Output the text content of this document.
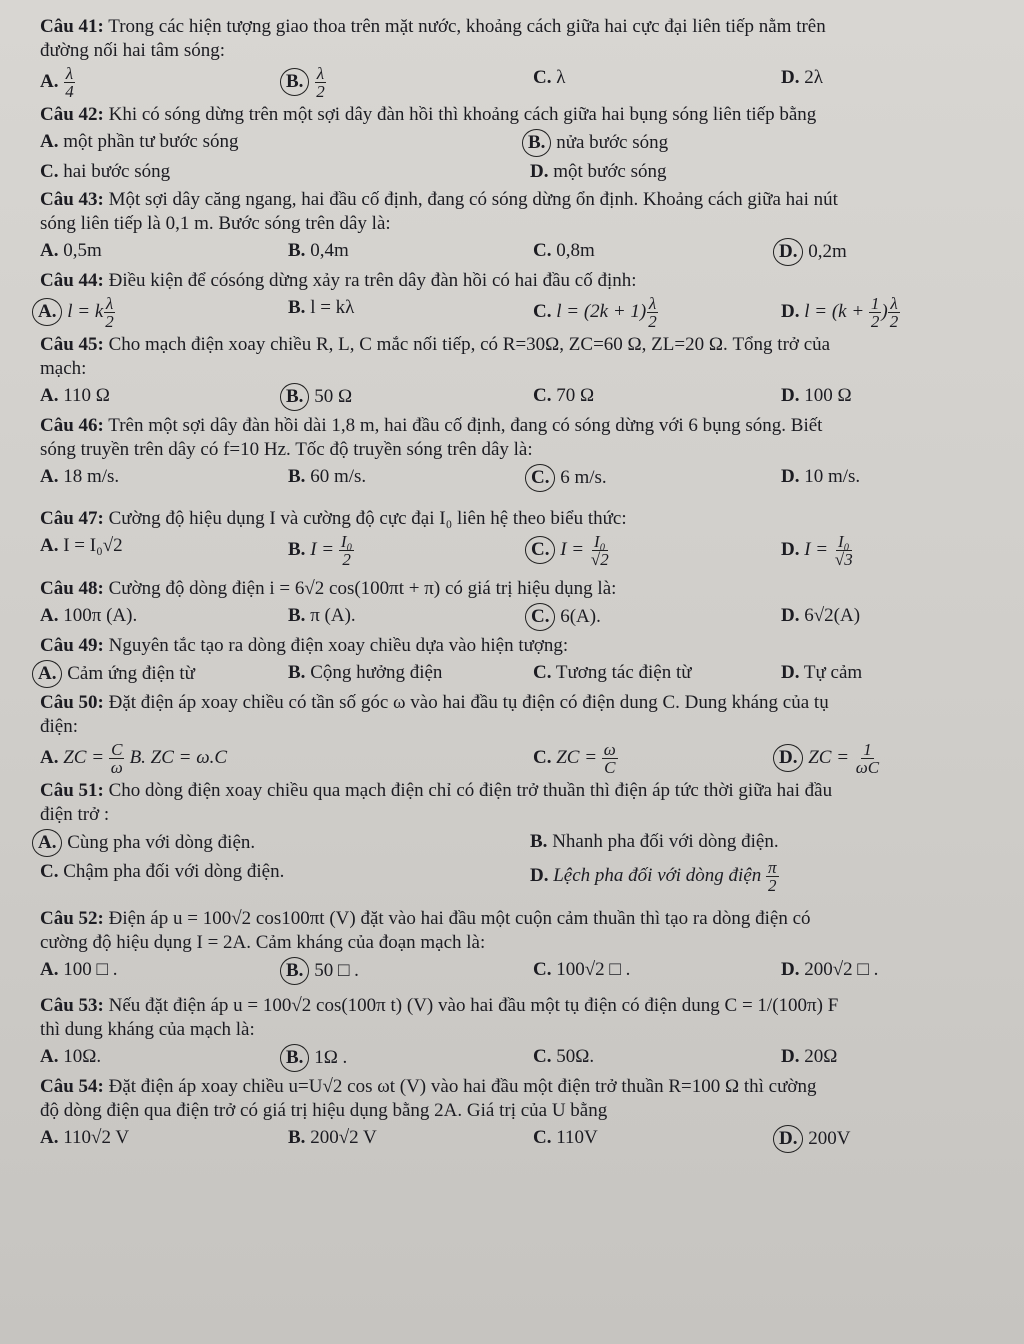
Câu 41: Trong các hiện tượng giao thoa trên mặt nước, khoảng cách giữa hai cực đại liên tiếp nằm trên
đường nối hai tâm sóng:
A. $\frac{\lambda}{4}$	B. $\frac{\lambda}{2}$	C. λ	D. 2λ
Câu 42: Khi có sóng dừng trên một sợi dây đàn hồi thì khoảng cách giữa hai bụng sóng liên tiếp bằng
A. một phần tư bước sóng	B. nửa bước sóng
C. hai bước sóng	D. một bước sóng
Câu 43: Một sợi dây căng ngang, hai đầu cố định, đang có sóng dừng ổn định. Khoảng cách giữa hai nút
sóng liên tiếp là 0,1 m. Bước sóng trên dây là:
A. 0,5m	B. 0,4m	C. 0,8m	D. 0,2m
Câu 44: Điều kiện để cósóng dừng xảy ra trên dây đàn hồi có hai đầu cố định:
A. l = k $\frac{\lambda}{2}$	B. l = kλ	C. $l = (2k + 1) \frac{\lambda}{2}$	D. $l = (k + \frac{1}{2}$ ) $\frac{\lambda}{2}$
Câu 45: Cho mạch điện xoay chiều R, L, C mắc nối tiếp, có R=30Ω, ZC=60 Ω, ZL=20 Ω. Tổng trở của
mạch:
A. 110 Ω	B. 50 Ω	C. 70 Ω	D. 100 Ω
Câu 46: Trên một sợi dây đàn hồi dài 1,8 m, hai đầu cố định, đang có sóng dừng với 6 bụng sóng. Biết
sóng truyền trên dây có f=10 Hz. Tốc độ truyền sóng trên dây là:
A. 18 m/s.	B. 60 m/s.	C. 6 m/s.	D. 10 m/s.
Câu 47: Cường độ hiệu dụng I và cường độ cực đại I₀ liên hệ theo biểu thức:
A. I = I₀√2	B. $I = \frac{\text{I₀}}{2}$	C. $I = \frac{\text{I₀}}{√2}$	D. $I = \frac{\text{I₀}}{√3}$
Câu 48: Cường độ dòng điện i = 6√2 cos(100πt + π) có giá trị hiệu dụng là:
A. 100π (A).	B. π (A).	C. 6(A).	D. 6√2(A)
Câu 49: Nguyên tắc tạo ra dòng điện xoay chiều dựa vào hiện tượng:
A. Cảm ứng điện từ	B. Cộng hưởng điện	C. Tương tác điện từ	D. Tự cảm
Câu 50: Đặt điện áp xoay chiều có tần số góc ω vào hai đầu tụ điện có điện dung C. Dung kháng của tụ
điện:
A. ZC = $\frac{C}{\omega} B$. ZC = ω.C	C. ZC = $\frac{\omega}{C}$	D. ZC = $\frac{1}{\omega C}$
Câu 51: Cho dòng điện xoay chiều qua mạch điện chỉ có điện trở thuần thì điện áp tức thời giữa hai đầu
điện trở :
A. Cùng pha với dòng điện.	B. Nhanh pha đối với dòng điện.
C. Chậm pha đối với dòng điện.	D. Lệch pha đối với dòng điện $\frac{\pi}{2}$
Câu 52: Điện áp u = 100√2 cos100πt (V) đặt vào hai đầu một cuộn cảm thuần thì tạo ra dòng điện có
cường độ hiệu dụng I = 2A. Cảm kháng của đoạn mạch là:
A. 100 □ .	B. 50 □ .	C. 100√2 □ .	D. 200√2 □ .
Câu 53: Nếu đặt điện áp u = 100√2 cos(100π t) (V) vào hai đầu một tụ điện có điện dung C = 1/(100π) F
thì dung kháng của mạch là:
A. 10Ω.	B. 1Ω .	C. 50Ω.	D. 20Ω
Câu 54: Đặt điện áp xoay chiều u=U√2 cos ωt (V) vào hai đầu một điện trở thuần R=100 Ω thì cường
độ dòng điện qua điện trở có giá trị hiệu dụng bằng 2A. Giá trị của U bằng
A. 110√2 V	B. 200√2 V	C. 110V	D. 200V
